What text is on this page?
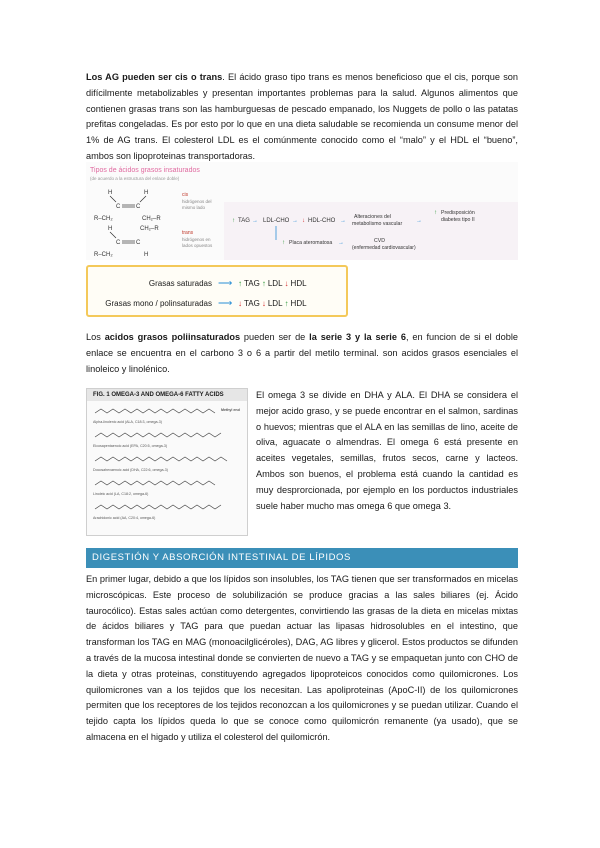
Los AG pueden ser cis o trans. El ácido graso tipo trans es menos beneficioso que el cis, porque son difícilmente metabolizables y presentan importantes problemas para la salud. Algunos alimentos que contienen grasas trans son las hamburguesas de pescado empanado, los Nuggets de pollo o las patatas prefitas congeladas. Es por esto por lo que en una dieta saludable se recomienda un consume menor del 1% de AG trans. El colesterol LDL es el comúnmente conocido como el “malo” y el HDL el “bueno”, ambos son lipoproteinas transportadoras.

Tipos de ácidos grasos insaturados
(de acuerdo a la estructura del enlace doble)
H	H
C	C
R–CH₂	CH₂–R
cis
hidrógenos del
mismo lado
H	CH₂–R
C	C
R–CH₂	H
trans
hidrógenos en
lados opuestos
↑ TAG → LDL-CHO → ↓ HDL-CHO →
Alteraciones del
metabolismo vascular →
↑ Predisposición
diabetes tipo II
↑ Placa ateromatosa →	CVD
(enfermedad cardiovascular)
Grasas saturadas ⟶ ↑ TAG ↑ LDL ↓ HDL
Grasas mono / polinsaturadas ⟶ ↓ TAG ↓ LDL ↑ HDL

Los acidos grasos poliinsaturados pueden ser de la serie 3 y la serie 6, en funcion de si el doble enlace se encuentra en el carbono 3 o 6 a partir del metilo terminal. son acidos grasos esenciales el linoleico y linolénico.

FIG. 1 OMEGA-3 AND OMEGA-6 FATTY ACIDS
Methyl end
Alpha-linolenic acid (ALA, C18:3, omega-3)
Eicosapentaenoic acid (EPA, C20:5, omega-3)
Docosahexaenoic acid (DHA, C22:6, omega-3)
Linoleic acid (LA, C18:2, omega-6)
Arachidonic acid (AA, C20:4, omega-6)

El omega 3 se divide en DHA y ALA. El DHA se considera el mejor acido graso, y se puede encontrar en el salmon, sardinas o huevos; mientras que el ALA en las semillas de lino, aceite de oliva, aguacate o almendras. El omega 6 está presente en aceites vegetales, semillas, frutos secos, carne y lacteos. Ambos son buenos, el problema está cuando la cantidad es muy desprorcionada, por ejemplo en los porductos industriales suele haber mucho mas omega 6 que omega 3.

DIGESTIÓN Y ABSORCIÓN INTESTINAL DE LÍPIDOS

En primer lugar, debido a que los lípidos son insolubles, los TAG tienen que ser transformados en micelas microscópicas. Este proceso de solubilización se produce gracias a las sales biliares (ej. Ácido taurocólico). Estas sales actúan como detergentes, convirtiendo las grasas de la dieta en micelas mixtas de ácidos biliares y TAG para que puedan actuar las lipasas hidrosolubles en el intestino, que transforman los TAG en MAG (monoacilglicéroles), DAG, AG libres y glicerol. Estos productos se difunden a través de la mucosa intestinal donde se convierten de nuevo a TAG y se empaquetan junto con CHO de la dieta y otras proteinas, constituyendo agregados lipoproteicos conocidos como quilomicrones. Los quilomicrones van a los tejidos que los necesitan. Las apoliproteinas (ApoC-II) de los quilomicrones permiten que los receptores de los tejidos reconozcan a los quilomicrones y se puedan utilizar. Cuando el tejido capta los lípidos queda lo que se conoce como quilomicrón remanente (ya usado), que se almacena en el higado y utiliza el colesterol del quilomicrón.
